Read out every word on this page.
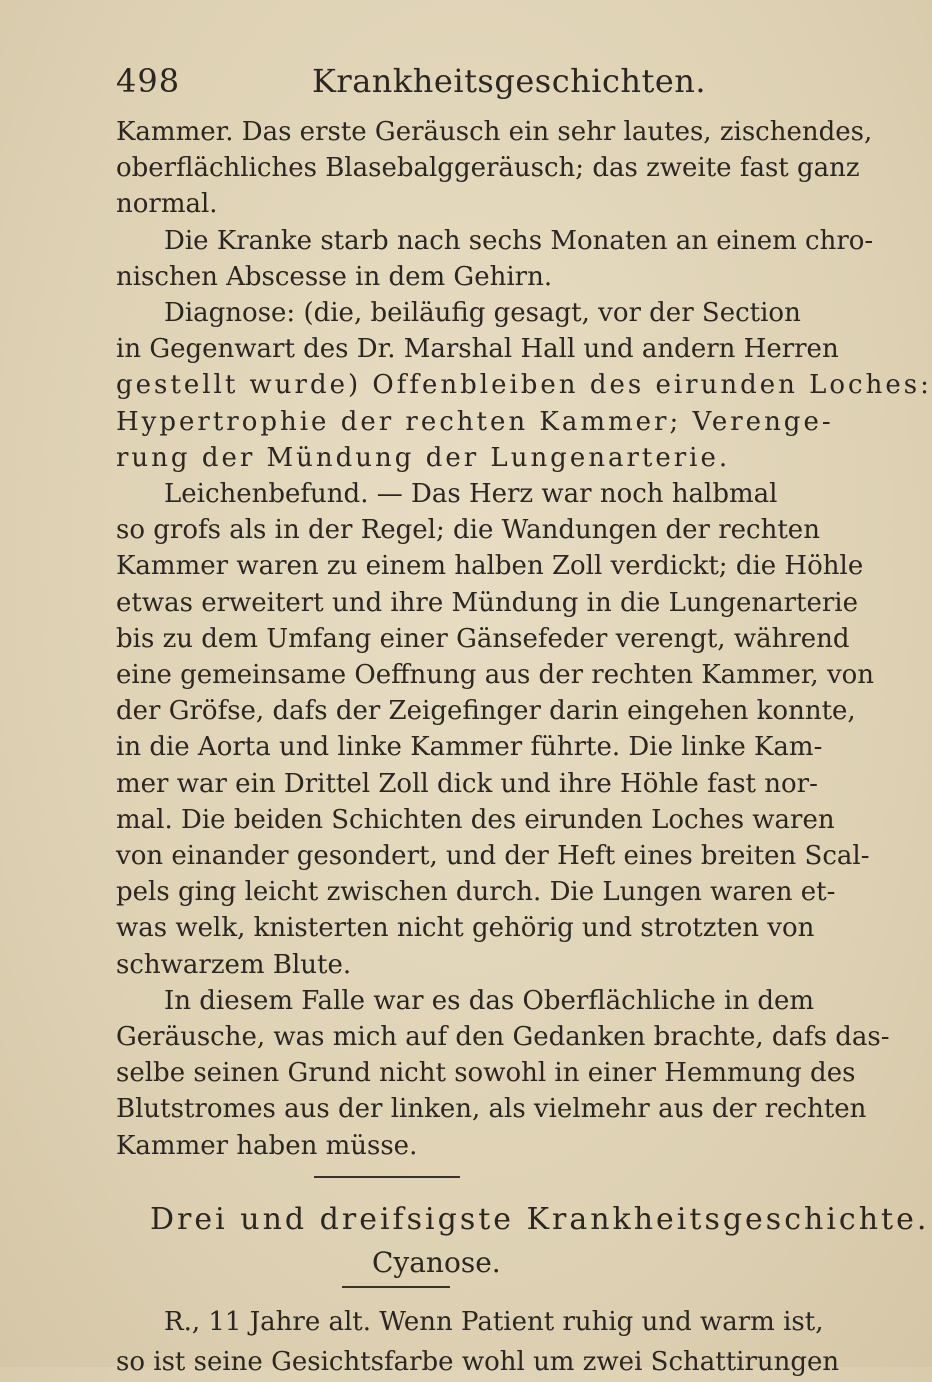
498	Krankheitsgeschichten.
Kammer. Das erste Geräusch ein sehr lautes, zischendes,
oberflächliches Blasebalggeräusch; das zweite fast ganz
normal.
Die Kranke starb nach sechs Monaten an einem chro-
nischen Abscesse in dem Gehirn.
Diagnose: (die, beiläufig gesagt, vor der Section
in Gegenwart des Dr. Marshal Hall und andern Herren
gestellt wurde) Offenbleiben des eirunden Loches:
Hypertrophie der rechten Kammer; Verenge-
rung der Mündung der Lungenarterie.
Leichenbefund. — Das Herz war noch halbmal
so grofs als in der Regel; die Wandungen der rechten
Kammer waren zu einem halben Zoll verdickt; die Höhle
etwas erweitert und ihre Mündung in die Lungenarterie
bis zu dem Umfang einer Gänsefeder verengt, während
eine gemeinsame Oeffnung aus der rechten Kammer, von
der Gröfse, dafs der Zeigefinger darin eingehen konnte,
in die Aorta und linke Kammer führte. Die linke Kam-
mer war ein Drittel Zoll dick und ihre Höhle fast nor-
mal. Die beiden Schichten des eirunden Loches waren
von einander gesondert, und der Heft eines breiten Scal-
pels ging leicht zwischen durch. Die Lungen waren et-
was welk, knisterten nicht gehörig und strotzten von
schwarzem Blute.
In diesem Falle war es das Oberflächliche in dem
Geräusche, was mich auf den Gedanken brachte, dafs das-
selbe seinen Grund nicht sowohl in einer Hemmung des
Blutstromes aus der linken, als vielmehr aus der rechten
Kammer haben müsse.
Drei und dreifsigste Krankheitsgeschichte.
Cyanose.
R., 11 Jahre alt. Wenn Patient ruhig und warm ist,
so ist seine Gesichtsfarbe wohl um zwei Schattirungen
